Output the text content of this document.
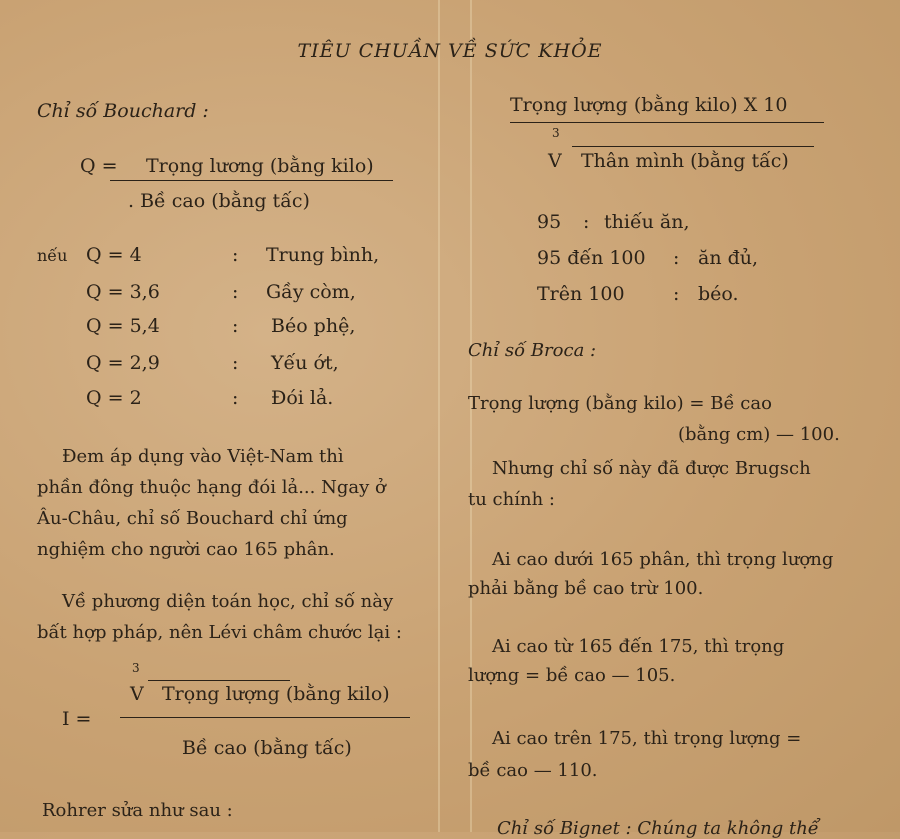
TIÊU CHUẦN VỀ SỨC KHỎE
Chỉ số Bouchard :
Q = Trọng lương (bằng kilo)
. Bề cao (bằng tấc)
nếu Q = 4	: Trung bình,
Q = 3,6	: Gầy còm,
Q = 5,4	: Béo phệ,
Q = 2,9	: Yếu ớt,
Q = 2	: Đói lả.
Đem áp dụng vào Việt-Nam thì
phần đông thuộc hạng đói lả... Ngay ở
Âu-Châu, chỉ số Bouchard chỉ ứng
nghiệm cho người cao 165 phân.
Về phương diện toán học, chỉ số này
bất hợp pháp, nên Lévi châm chước lại :
3
V Trọng lượng (bằng kilo)
I =
Bề cao (bằng tấc)
Rohrer sửa như sau :
Trọng lượng (bằng kilo) X 10
3
V Thân mình (bằng tấc)
95 : thiếu ăn,
95 đến 100 : ăn đủ,
Trên 100	: béo.
Chỉ số Broca :
Trọng lượng (bằng kilo) = Bề cao
(bằng cm) — 100.
Nhưng chỉ số này đã được Brugsch
tu chính :
Ai cao dưới 165 phân, thì trọng lượng
phải bằng bề cao trừ 100.
Ai cao từ 165 đến 175, thì trọng
lượng = bề cao — 105.
Ai cao trên 175, thì trọng lượng =
bề cao — 110.
Chỉ số Bignet : Chúng ta không thể
